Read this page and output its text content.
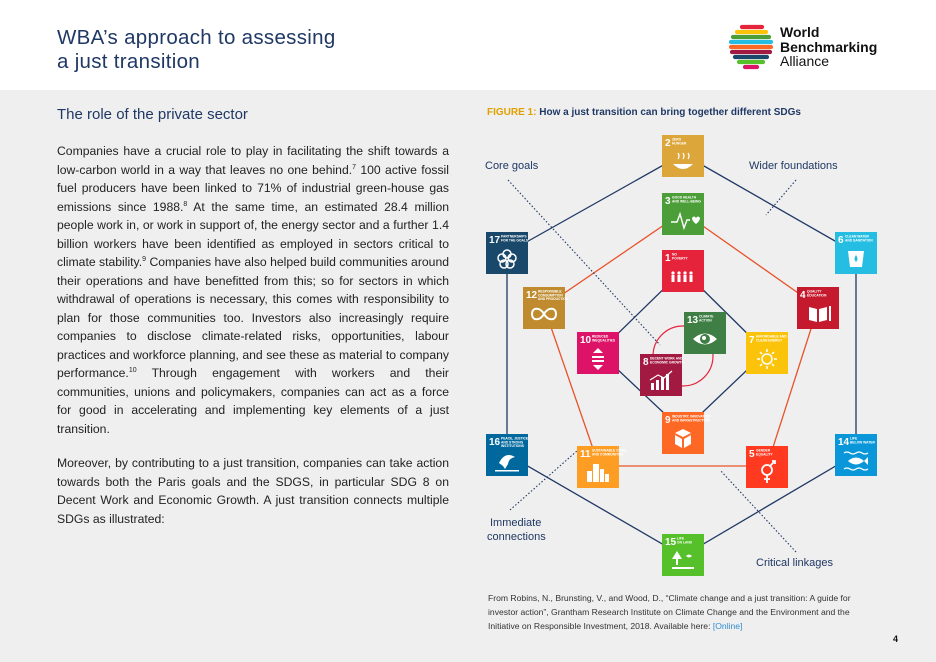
WBA’s approach to assessing
a just transition
World
Benchmarking
Alliance
The role of the private sector
Companies have a crucial role to play in facilitating the shift towards a low-carbon world in a way that leaves no one behind.$^7$ 100 active fossil fuel producers have been linked to 71% of industrial green-house gas emissions since 1988.$^8$ At the same time, an estimated 28.4 million people work in, or work in support of, the energy sector and a further 1.4 billion workers have been identified as employed in sectors critical to climate stability.$^9$ Companies have also helped build communities around their operations and have benefitted from this; so for sectors in which withdrawal of operations is necessary, this comes with responsibility to plan for those communities too. Investors also increasingly require companies to disclose climate-related risks, opportunities, labour practices and workforce planning, and see these as material to company performance.$^{10}$ Through engagement with workers and their communities, unions and policymakers, companies can act as a force for good in accelerating and implementing key elements of a just transition.
Moreover, by contributing to a just transition, companies can take action towards both the Paris goals and the SDGS, in particular SDG 8 on Decent Work and Economic Growth. A just transition connects multiple SDGs as illustrated:
FIGURE 1: How a just transition can bring together different SDGs
Core goals	Wider foundations
Immediate
connections
Critical linkages
1 NO
POVERTY
2 ZERO
HUNGER
3 GOOD HEALTH
AND WELL-BEING
4 QUALITY
EDUCATION
5 GENDER
EQUALITY
6 CLEAN WATER
AND SANITATION
7 AFFORDABLE AND
CLEAN ENERGY
8 DECENT WORK AND
ECONOMIC GROWTH
9 INDUSTRY, INNOVATION
AND INFRASTRUCTURE
10 REDUCED
INEQUALITIES
11 SUSTAINABLE CITIES
AND COMMUNITIES
12 RESPONSIBLE
CONSUMPTION
AND PRODUCTION
13 CLIMATE
ACTION
14 LIFE
BELOW WATER
15 LIFE
ON LAND
16 PEACE, JUSTICE
AND STRONG
INSTITUTIONS
17 PARTNERSHIPS
FOR THE GOALS
From Robins, N., Brunsting, V., and Wood, D., “Climate change and a just transition: A guide for investor action”, Grantham Research Institute on Climate Change and the Environment and the Initiative on Responsible Investment, 2018. Available here: [Online]
4
